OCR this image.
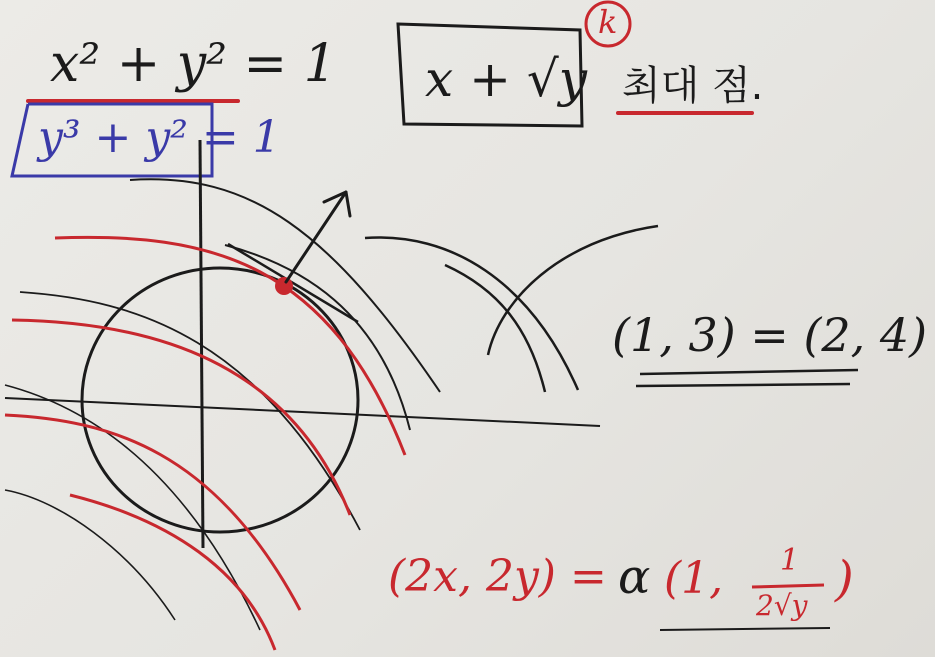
x² + y² = 1
y³ + y² = 1
x + √y
k
최대 점.
(1, 3) = (2, 4)
(2x, 2y) = α (1, 1
2√y )
